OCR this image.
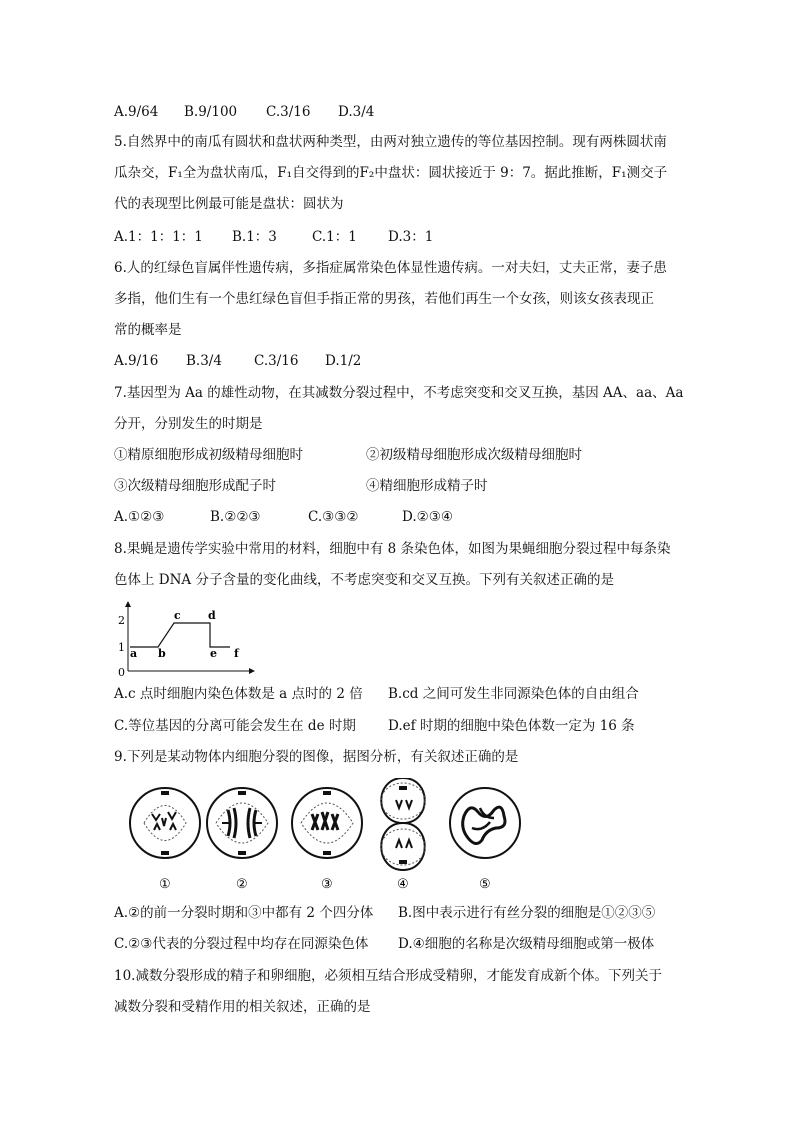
A.9/64 B.9/100 C.3/16 D.3/4
5.自然界中的南瓜有圆状和盘状两种类型，由两对独立遗传的等位基因控制。现有两株圆状南
瓜杂交，F₁全为盘状南瓜，F₁自交得到的F₂中盘状：圆状接近于 9：7。据此推断，F₁测交子
代的表现型比例最可能是盘状：圆状为
A.1：1：1：1 B.1：3	C.1：1 D.3：1
6.人的红绿色盲属伴性遗传病，多指症属常染色体显性遗传病。一对夫妇，丈夫正常，妻子患
多指，他们生有一个患红绿色盲但手指正常的男孩，若他们再生一个女孩，则该女孩表现正
常的概率是
A.9/16 B.3/4 C.3/16 D.1/2
7.基因型为 Aa 的雄性动物，在其减数分裂过程中，不考虑突变和交叉互换，基因 AA、aa、Aa
分开，分别发生的时期是
①精原细胞形成初级精母细胞时	②初级精母细胞形成次级精母细胞时
③次级精母细胞形成配子时	④精细胞形成精子时
A.①②③	B.②②③	C.③③②	D.②③④
8.果蝇是遗传学实验中常用的材料，细胞中有 8 条染色体，如图为果蝇细胞分裂过程中每条染
色体上 DNA 分子含量的变化曲线，不考虑突变和交叉互换。下列有关叙述正确的是
2
1
0
a b
c d
e f
A.c 点时细胞内染色体数是 a 点时的 2 倍 B.cd 之间可发生非同源染色体的自由组合
C.等位基因的分离可能会发生在 de 时期 D.ef 时期的细胞中染色体数一定为 16 条
9.下列是某动物体内细胞分裂的图像，据图分析，有关叙述正确的是
①	②	③	④	⑤
A.②的前一分裂时期和③中都有 2 个四分体 B.图中表示进行有丝分裂的细胞是①②③⑤
C.②③代表的分裂过程中均存在同源染色体 D.④细胞的名称是次级精母细胞或第一极体
10.减数分裂形成的精子和卵细胞，必须相互结合形成受精卵，才能发育成新个体。下列关于
减数分裂和受精作用的相关叙述，正确的是
